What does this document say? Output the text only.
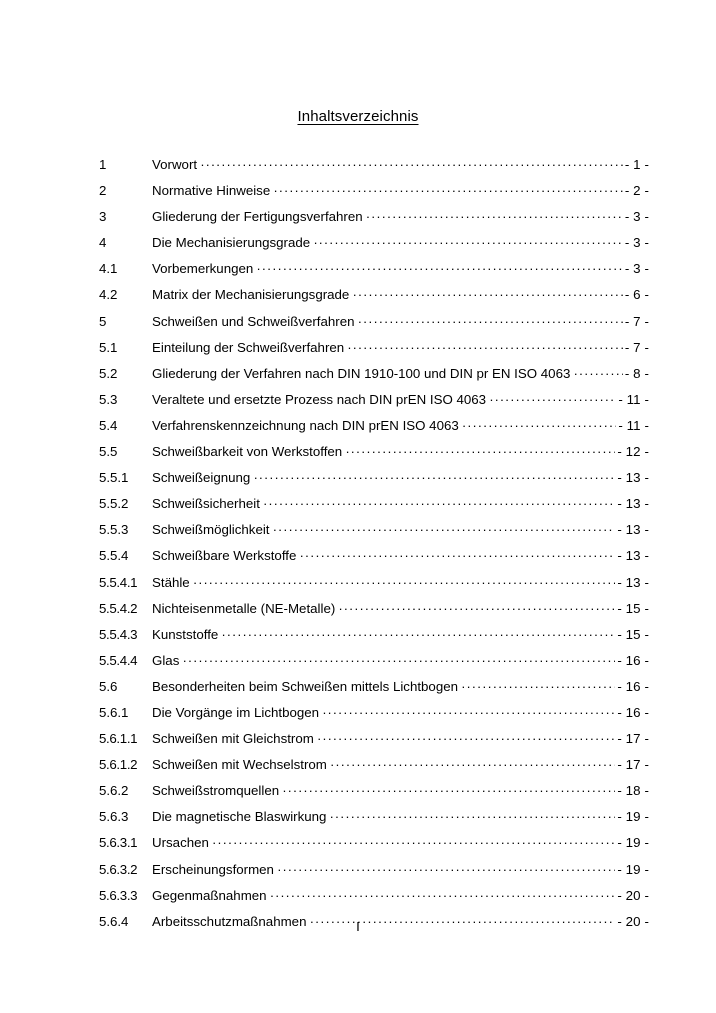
Inhaltsverzeichnis
1	Vorwort .....	- 1 -
2	Normative Hinweise .....	- 2 -
3	Gliederung der Fertigungsverfahren .....	- 3 -
4	Die Mechanisierungsgrade .....	- 3 -
4.1	Vorbemerkungen .....	- 3 -
4.2	Matrix der Mechanisierungsgrade .....	- 6 -
5	Schweißen und Schweißverfahren .....	- 7 -
5.1	Einteilung der Schweißverfahren .....	- 7 -
5.2	Gliederung der Verfahren nach DIN 1910-100 und DIN pr EN ISO 4063 .....	- 8 -
5.3	Veraltete und ersetzte Prozess nach DIN prEN ISO 4063 .....	- 11 -
5.4	Verfahrenskennzeichnung nach DIN prEN ISO 4063 .....	- 11 -
5.5	Schweißbarkeit von Werkstoffen .....	- 12 -
5.5.1	Schweißeignung .....	- 13 -
5.5.2	Schweißsicherheit .....	- 13 -
5.5.3	Schweißmöglichkeit .....	- 13 -
5.5.4	Schweißbare Werkstoffe .....	- 13 -
5.5.4.1	Stähle .....	- 13 -
5.5.4.2	Nichteisenmetalle (NE-Metalle) .....	- 15 -
5.5.4.3	Kunststoffe .....	- 15 -
5.5.4.4	Glas .....	- 16 -
5.6	Besonderheiten beim Schweißen mittels Lichtbogen .....	- 16 -
5.6.1	Die Vorgänge im Lichtbogen .....	- 16 -
5.6.1.1	Schweißen mit Gleichstrom .....	- 17 -
5.6.1.2	Schweißen mit Wechselstrom .....	- 17 -
5.6.2	Schweißstromquellen .....	- 18 -
5.6.3	Die magnetische Blaswirkung .....	- 19 -
5.6.3.1	Ursachen .....	- 19 -
5.6.3.2	Erscheinungsformen .....	- 19 -
5.6.3.3	Gegenmaßnahmen .....	- 20 -
5.6.4	Arbeitsschutzmaßnahmen .....	- 20 -
I
